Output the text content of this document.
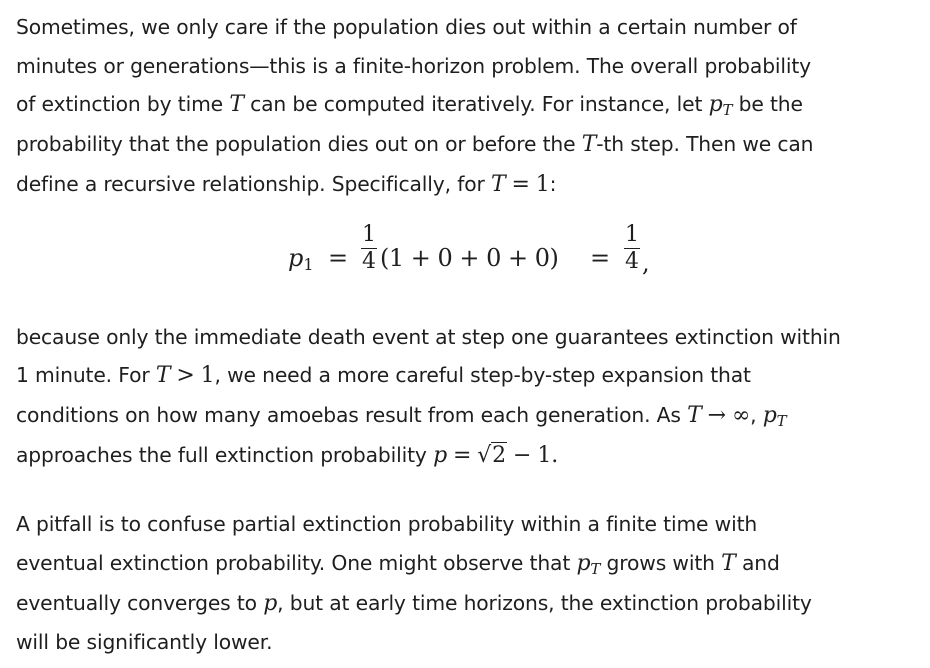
Sometimes, we only care if the population dies out within a certain number of

minutes or generations—this is a finite-horizon problem. The overall probability

of extinction by time T can be computed iteratively. For instance, let $p_T$ be the

probability that the population dies out on or before the T-th step. Then we can

define a recursive relationship. Specifically, for T = 1:

$p_1$ =
1
4 (1 + 0 + 0 + 0) =
1
4 ,

because only the immediate death event at step one guarantees extinction within

1 minute. For T > 1, we need a more careful step-by-step expansion that

conditions on how many amoebas result from each generation. As T → ∞, $p_T$

approaches the full extinction probability p = √2 − 1.

A pitfall is to confuse partial extinction probability within a finite time with

eventual extinction probability. One might observe that $p_T$ grows with T and

eventually converges to p, but at early time horizons, the extinction probability

will be significantly lower.
